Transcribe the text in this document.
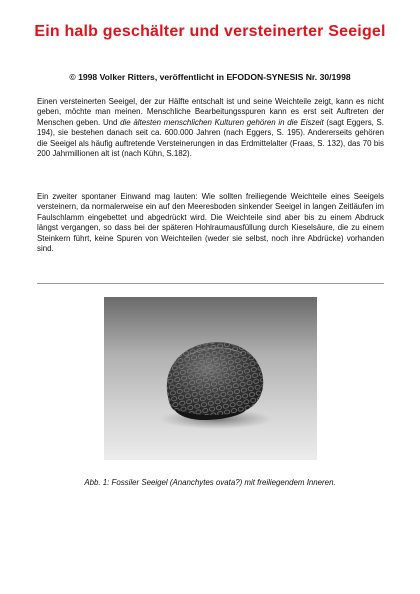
Ein halb geschälter und versteinerter Seeigel
© 1998 Volker Ritters, veröffentlicht in EFODON-SYNESIS Nr. 30/1998

Einen versteinerten Seeigel, der zur Hälfte entschalt ist und seine Weichteile zeigt, kann es nicht geben, möchte man meinen. Menschliche Bearbeitungsspuren kann es erst seit Auftreten der Menschen geben. Und die ältesten menschlichen Kulturen gehören in die Eiszeit (sagt Eggers, S. 194), sie bestehen danach seit ca. 600.000 Jahren (nach Eggers, S. 195). Andererseits gehören die Seeigel als häufig auftretende Versteinerungen in das Erdmittelalter (Fraas, S. 132), das 70 bis 200 Jahrmillionen alt ist (nach Kühn, S.182).

Ein zweiter spontaner Einwand mag lauten: Wie sollten freiliegende Weichteile eines Seeigels versteinern, da normalerweise ein auf den Meeresboden sinkender Seeigel in langen Zeitläufen im Faulschlamm eingebettet und abgedrückt wird. Die Weichteile sind aber bis zu einem Abdruck längst vergangen, so dass bei der späteren Hohlraumausfüllung durch Kieselsäure, die zu einem Steinkern führt, keine Spuren von Weichteilen (weder sie selbst, noch ihre Abdrücke) vorhanden sind.

Abb. 1: Fossiler Seeigel (Ananchytes ovata?) mit freiliegendem Inneren.
